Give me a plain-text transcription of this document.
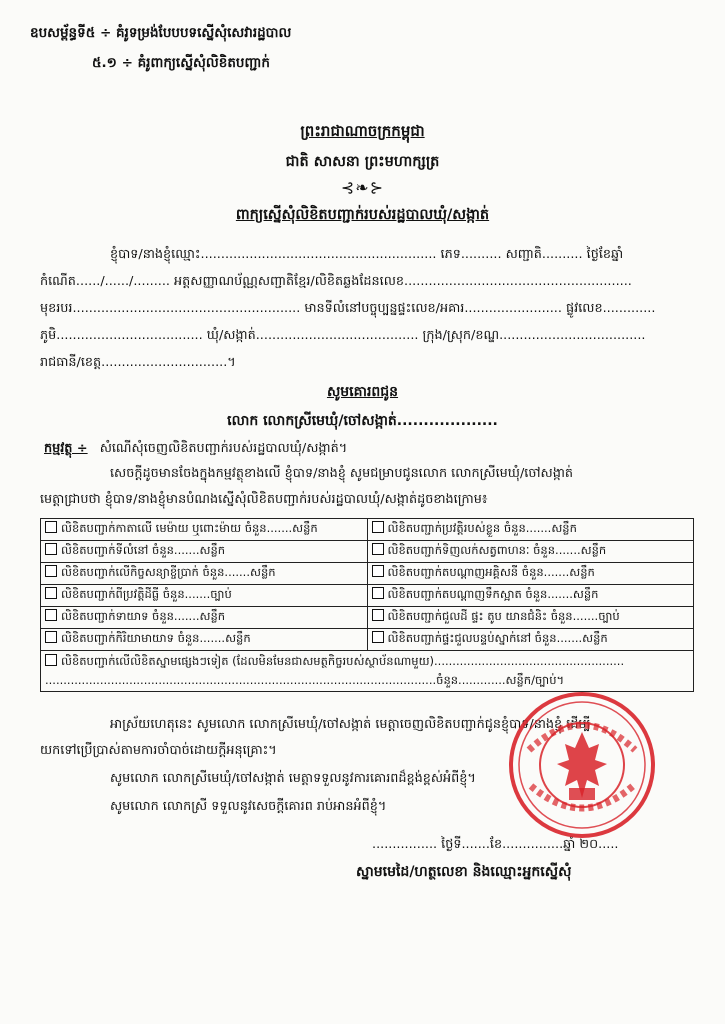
ឧបសម្ព័ន្ធទី៥ ÷ គំរូទម្រង់បែបបទស្នើសុំសេវារដ្ឋបាល
៥.១ ÷ គំរូពាក្យស្នើសុំលិខិតបញ្ជាក់
ព្រះរាជាណាចក្រកម្ពុជា
ជាតិ សាសនា ព្រះមហាក្សត្រ
⊰❧⊱
ពាក្យស្នើសុំលិខិតបញ្ជាក់របស់រដ្ឋបាលឃុំ/សង្កាត់
ខ្ញុំបាទ/នាងខ្ញុំឈ្មោះ.......................................................... ភេទ.......... សញ្ជាតិ.......... ថ្ងៃខែឆ្នាំ
កំណើត....../....../......... អត្តសញ្ញាណប័ណ្ណសញ្ជាតិខ្មែរ/លិខិតឆ្លងដែនលេខ........................................................
មុខរបរ........................................................ មានទីលំនៅបច្ចុប្បន្នផ្ទះលេខ/អគារ........................ ផ្លូវលេខ.............
ភូមិ.................................... ឃុំ/សង្កាត់........................................ ក្រុង/ស្រុក/ខណ្ឌ....................................
រាជធានី/ខេត្ត...............................។
សូមគោរពជូន
លោក លោកស្រីមេឃុំ/ចៅសង្កាត់...................
កម្មវត្ថុ ÷ សំណើសុំចេញលិខិតបញ្ជាក់របស់រដ្ឋបាលឃុំ/សង្កាត់។
សេចក្តីដូចមានចែងក្នុងកម្មវត្ថុខាងលើ ខ្ញុំបាទ/នាងខ្ញុំ សូមជម្រាបជូនលោក លោកស្រីមេឃុំ/ចៅសង្កាត់
មេត្តាជ្រាបថា ខ្ញុំបាទ/នាងខ្ញុំមានបំណងស្នើសុំលិខិតបញ្ជាក់របស់រដ្ឋបាលឃុំ/សង្កាត់ដូចខាងក្រោម៖
លិខិតបញ្ជាក់កាតាលើ មេម៉ាយ ឬពោះម៉ាយ ចំនួន.......សន្លឹក	លិខិតបញ្ជាក់ប្រវត្តិរបស់ខ្លួន ចំនួន.......សន្លឹក
លិខិតបញ្ជាក់ទីលំនៅ ចំនួន.......សន្លឹក	លិខិតបញ្ជាក់ទិញលក់សត្វពាហនៈ ចំនួន.......សន្លឹក
លិខិតបញ្ជាក់លើកិច្ចសន្យាខ្ចីប្រាក់ ចំនួន.......សន្លឹក	លិខិតបញ្ជាក់តបណ្តាញអគ្គិសនី ចំនួន.......សន្លឹក
លិខិតបញ្ជាក់ពីប្រវត្តិដីធ្លី ចំនួន.......ច្បាប់	លិខិតបញ្ជាក់តបណ្តាញទឹកស្អាត ចំនួន.......សន្លឹក
លិខិតបញ្ជាក់ទាយាទ ចំនួន.......សន្លឹក	លិខិតបញ្ជាក់ជួលដី ផ្ទះ តូប យានជំនិះ ចំនួន.......ច្បាប់
លិខិតបញ្ជាក់កិរិយាមាយាទ ចំនួន.......សន្លឹក	លិខិតបញ្ជាក់ផ្ទះជួលបន្ទប់ស្នាក់នៅ ចំនួន.......សន្លឹក
លិខិតបញ្ជាក់លើលិខិតស្នាមផ្សេងៗទៀត (ដែលមិនមែនជាសមត្ថកិច្ចរបស់ស្ថាប័នណាមួយ)....................................................
...........................................................................................................ចំនួន.............សន្លឹក/ច្បាប់។	
អាស្រ័យហេតុនេះ សូមលោក លោកស្រីមេឃុំ/ចៅសង្កាត់ មេត្តាចេញលិខិតបញ្ជាក់ជូនខ្ញុំបាទ/នាងខ្ញុំ ដើម្បី
យកទៅប្រើប្រាស់តាមការចាំបាច់ដោយក្តីអនុគ្រោះ។
សូមលោក លោកស្រីមេឃុំ/ចៅសង្កាត់ មេត្តាទទួលនូវការគោរពដ៏ខ្ពង់ខ្ពស់អំពីខ្ញុំ។
សូមលោក លោកស្រី ទទួលនូវសេចក្តីគោរព រាប់អានអំពីខ្ញុំ។
................ ថ្ងៃទី.......ខែ...............ឆ្នាំ ២០.....
ស្នាមមេដៃ/ហត្ថលេខា និងឈ្មោះអ្នកស្នើសុំ
